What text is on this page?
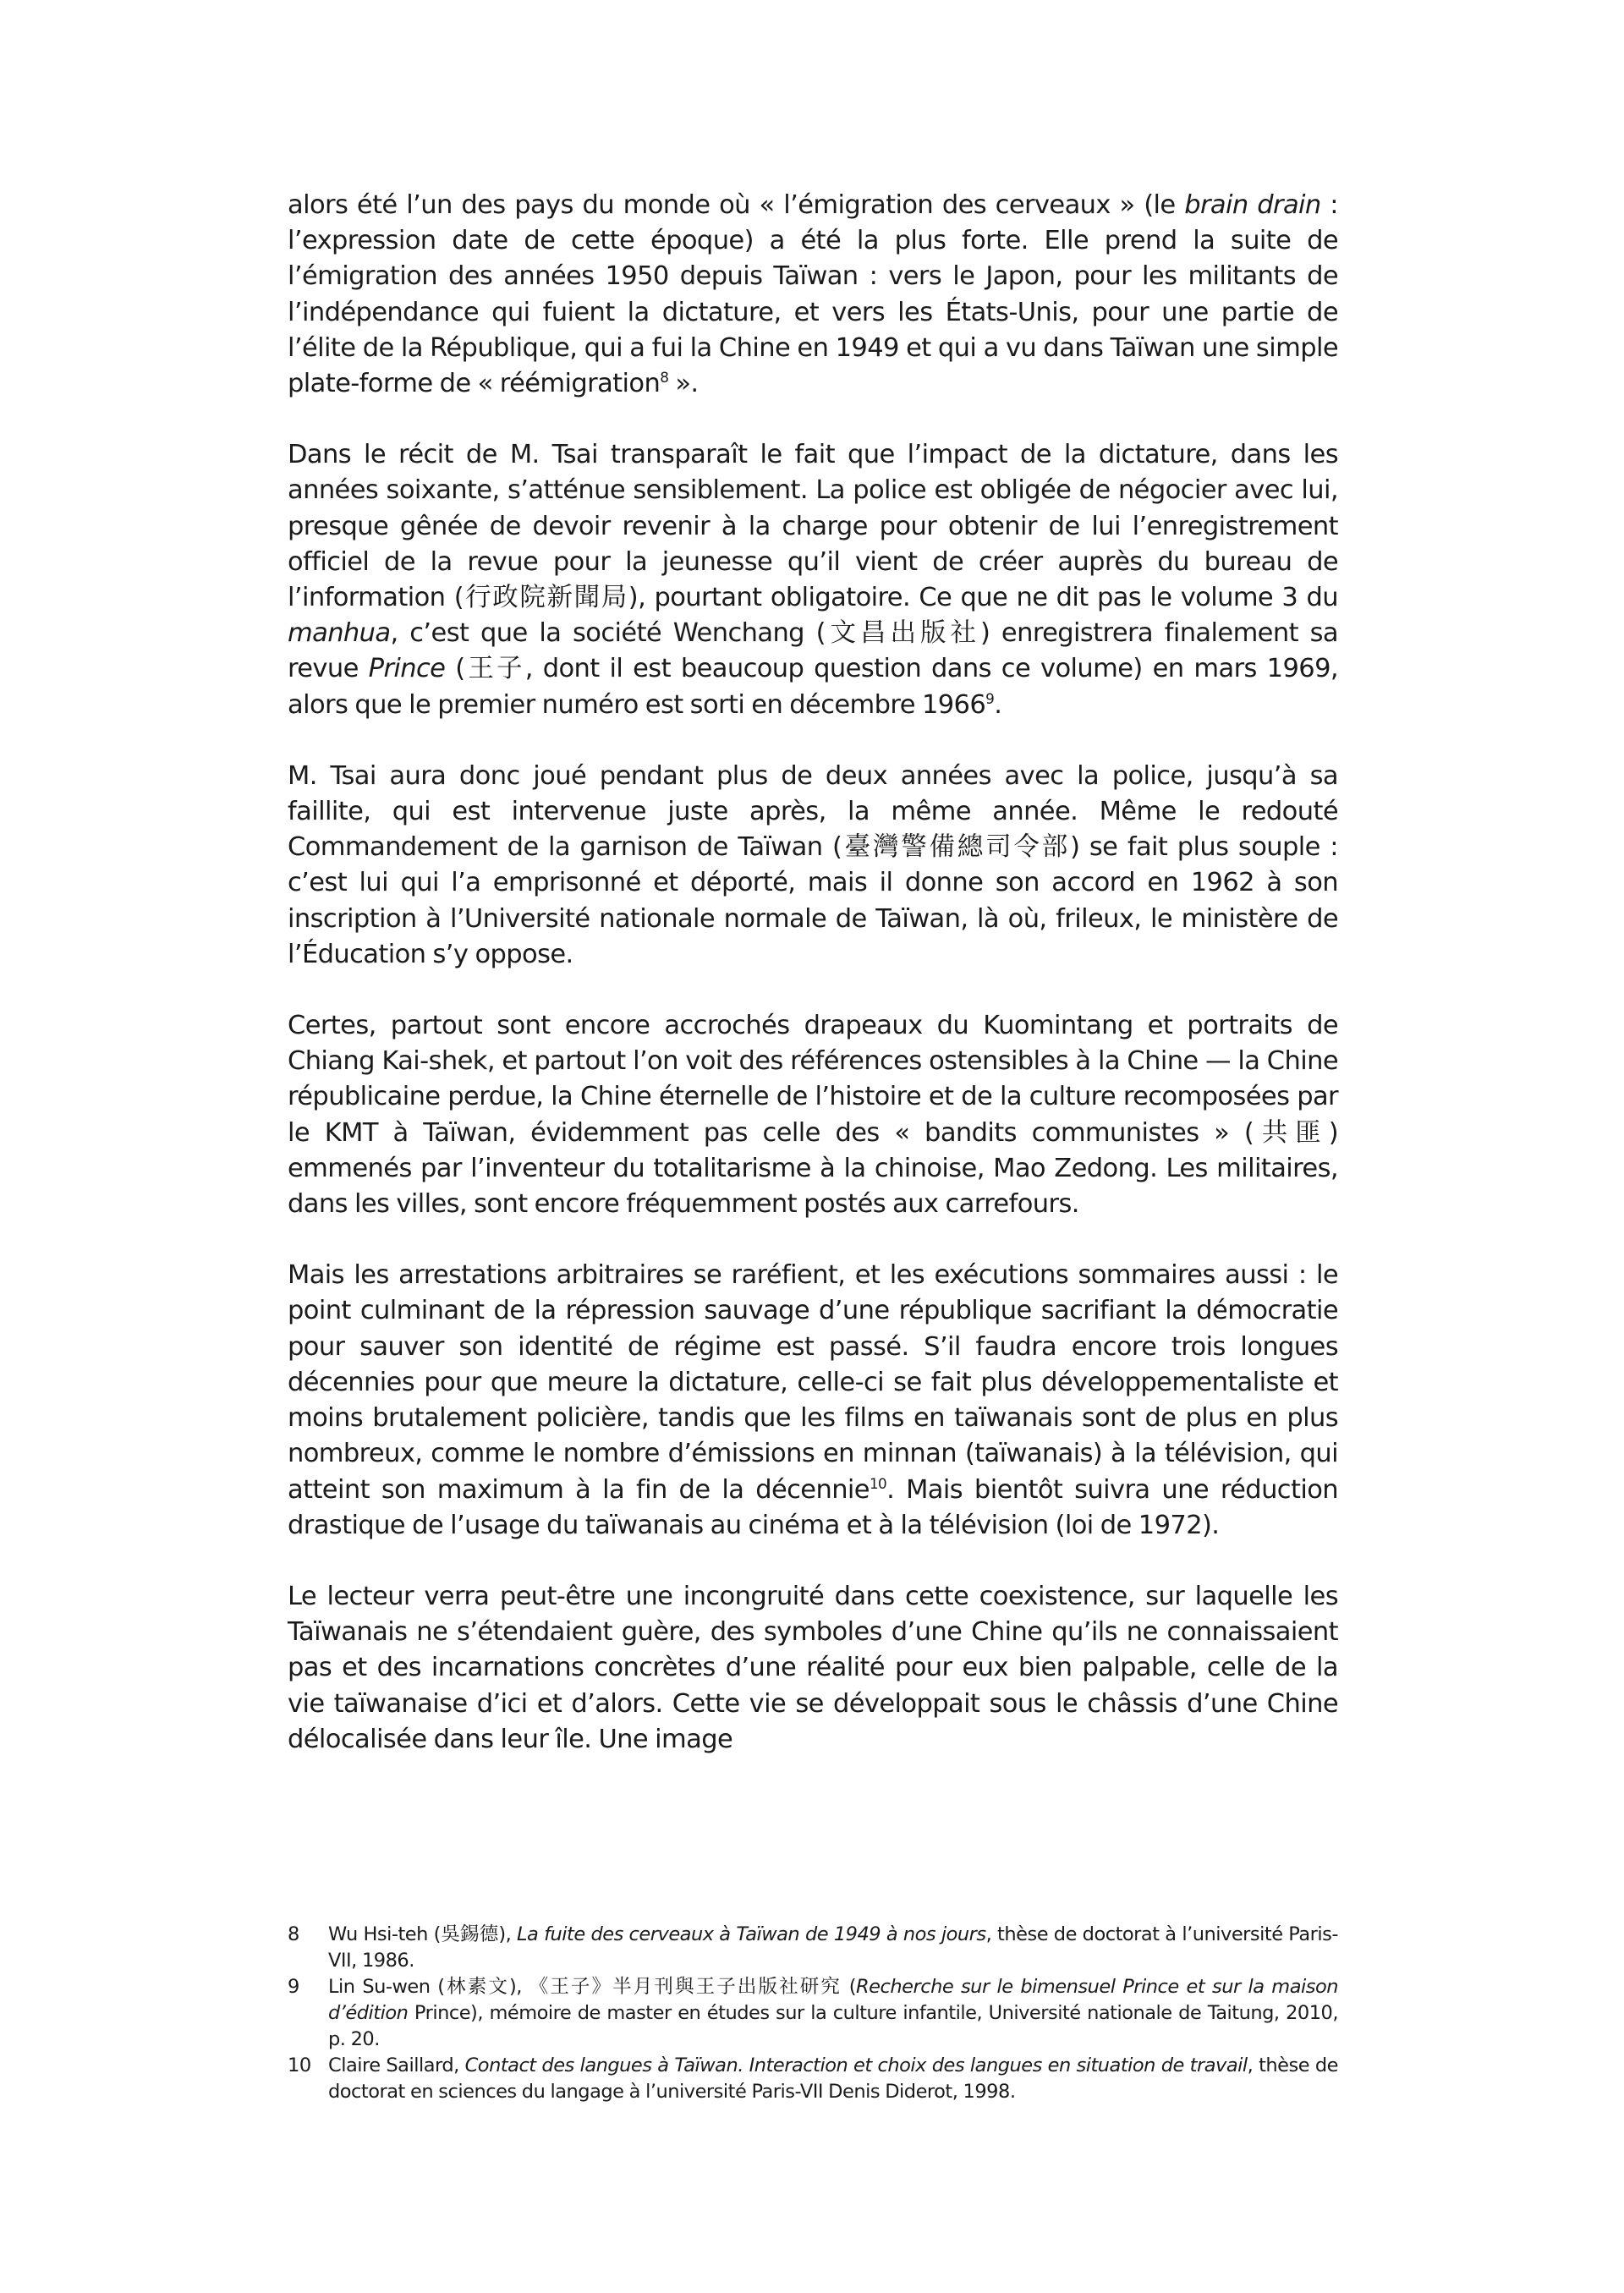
alors été l’un des pays du monde où « l’émigration des cerveaux » (le brain drain : l’expression date de cette époque) a été la plus forte. Elle prend la suite de l’émigration des années 1950 depuis Taïwan : vers le Japon, pour les militants de l’indépendance qui fuient la dictature, et vers les États-Unis, pour une partie de l’élite de la République, qui a fui la Chine en 1949 et qui a vu dans Taïwan une simple plate-forme de « réémigration$^8$ ».

Dans le récit de M. Tsai transparaît le fait que l’impact de la dictature, dans les années soixante, s’atténue sensiblement. La police est obligée de négocier avec lui, presque gênée de devoir revenir à la charge pour obtenir de lui l’enregistrement officiel de la revue pour la jeunesse qu’il vient de créer auprès du bureau de l’information (行政院新聞局), pourtant obligatoire. Ce que ne dit pas le volume 3 du manhua, c’est que la société Wenchang (文昌出版社) enregistrera finalement sa revue Prince (王子, dont il est beaucoup question dans ce volume) en mars 1969, alors que le premier numéro est sorti en décembre 1966$^9$.

M. Tsai aura donc joué pendant plus de deux années avec la police, jusqu’à sa faillite, qui est intervenue juste après, la même année. Même le redouté Commandement de la garnison de Taïwan (臺灣警備總司令部) se fait plus souple : c’est lui qui l’a emprisonné et déporté, mais il donne son accord en 1962 à son inscription à l’Université nationale normale de Taïwan, là où, frileux, le ministère de l’Éducation s’y oppose.

Certes, partout sont encore accrochés drapeaux du Kuomintang et portraits de Chiang Kai-shek, et partout l’on voit des références ostensibles à la Chine — la Chine républicaine perdue, la Chine éternelle de l’histoire et de la culture recomposées par le KMT à Taïwan, évidemment pas celle des « bandits communistes » (共匪) emmenés par l’inventeur du totalitarisme à la chinoise, Mao Zedong. Les militaires, dans les villes, sont encore fréquemment postés aux carrefours.

Mais les arrestations arbitraires se raréfient, et les exécutions sommaires aussi : le point culminant de la répression sauvage d’une république sacrifiant la démocratie pour sauver son identité de régime est passé. S’il faudra encore trois longues décennies pour que meure la dictature, celle-ci se fait plus développementaliste et moins brutalement policière, tandis que les films en taïwanais sont de plus en plus nombreux, comme le nombre d’émissions en minnan (taïwanais) à la télévision, qui atteint son maximum à la fin de la décennie$^{10}$. Mais bientôt suivra une réduction drastique de l’usage du taïwanais au cinéma et à la télévision (loi de 1972).

Le lecteur verra peut-être une incongruité dans cette coexistence, sur laquelle les Taïwanais ne s’étendaient guère, des symboles d’une Chine qu’ils ne connaissaient pas et des incarnations concrètes d’une réalité pour eux bien palpable, celle de la vie taïwanaise d’ici et d’alors. Cette vie se développait sous le châssis d’une Chine délocalisée dans leur île. Une image

8	Wu Hsi-teh (吳錫德), La fuite des cerveaux à Taïwan de 1949 à nos jours, thèse de doctorat à l’université Paris-VII, 1986.
9	Lin Su-wen (林素文), 《王子》半月刊與王子出版社研究 (Recherche sur le bimensuel Prince et sur la maison d’édition Prince), mémoire de master en études sur la culture infantile, Université nationale de Taitung, 2010, p. 20.
10 Claire Saillard, Contact des langues à Taïwan. Interaction et choix des langues en situation de travail, thèse de doctorat en sciences du langage à l’université Paris-VII Denis Diderot, 1998.
